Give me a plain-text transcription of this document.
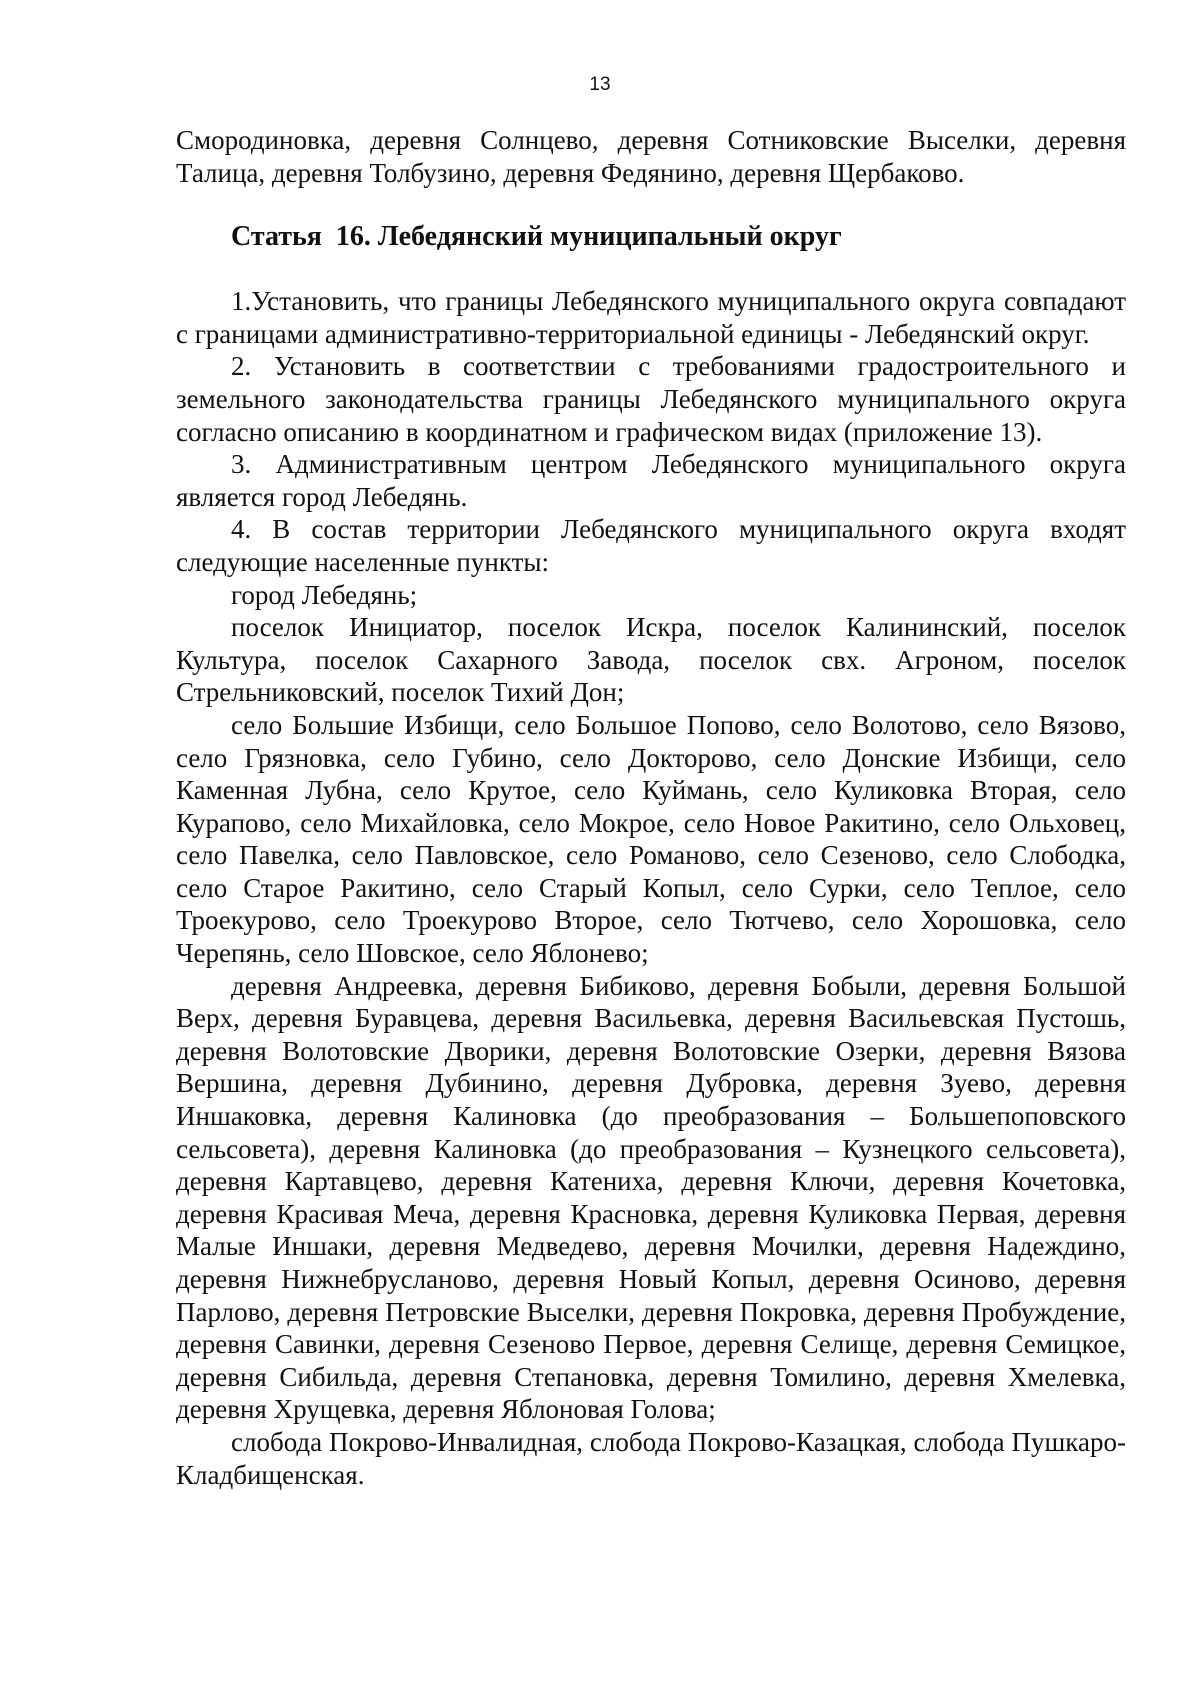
13

Смородиновка, деревня Солнцево, деревня Сотниковские Выселки, деревня Талица, деревня Толбузино, деревня Федянино, деревня Щербаково.

Статья  16. Лебедянский муниципальный округ

1.Установить, что границы Лебедянского муниципального округа совпадают с границами административно-территориальной единицы - Лебедянский округ.

2. Установить в соответствии с требованиями градостроительного и земельного законодательства границы Лебедянского муниципального округа согласно описанию в координатном и графическом видах (приложение 13).

3. Административным центром Лебедянского муниципального округа является город Лебедянь.

4. В состав территории Лебедянского муниципального округа входят следующие населенные пункты:

город Лебедянь;

поселок Инициатор, поселок Искра, поселок Калининский, поселок Культура, поселок Сахарного Завода, поселок свх. Агроном, поселок Стрельниковский, поселок Тихий Дон;

село Большие Избищи, село Большое Попово, село Волотово, село Вязово, село Грязновка, село Губино, село Докторово, село Донские Избищи, село Каменная Лубна, село Крутое, село Куймань, село Куликовка Вторая, село Курапово, село Михайловка, село Мокрое, село Новое Ракитино, село Ольховец, село Павелка, село Павловское, село Романово, село Сезеново, село Слободка, село Старое Ракитино, село Старый Копыл, село Сурки, село Теплое, село Троекурово, село Троекурово Второе, село Тютчево, село Хорошовка, село Черепянь, село Шовское, село Яблонево;

деревня Андреевка, деревня Бибиково, деревня Бобыли, деревня Большой Верх, деревня Буравцева, деревня Васильевка, деревня Васильевская Пустошь, деревня Волотовские Дворики, деревня Волотовские Озерки, деревня Вязова Вершина, деревня Дубинино, деревня Дубровка, деревня Зуево, деревня Иншаковка, деревня Калиновка (до преобразования – Большепоповского сельсовета), деревня Калиновка (до преобразования – Кузнецкого сельсовета), деревня Картавцево, деревня Катениха, деревня Ключи, деревня Кочетовка, деревня Красивая Меча, деревня Красновка, деревня Куликовка Первая, деревня Малые Иншаки, деревня Медведево, деревня Мочилки, деревня Надеждино, деревня Нижнебрусланово, деревня Новый Копыл, деревня Осиново, деревня Парлово, деревня Петровские Выселки, деревня Покровка, деревня Пробуждение, деревня Савинки, деревня Сезеново Первое, деревня Селище, деревня Семицкое, деревня Сибильда, деревня Степановка, деревня Томилино, деревня Хмелевка, деревня Хрущевка, деревня Яблоновая Голова;

слобода Покрово-Инвалидная, слобода Покрово-Казацкая, слобода Пушкаро-Кладбищенская.
